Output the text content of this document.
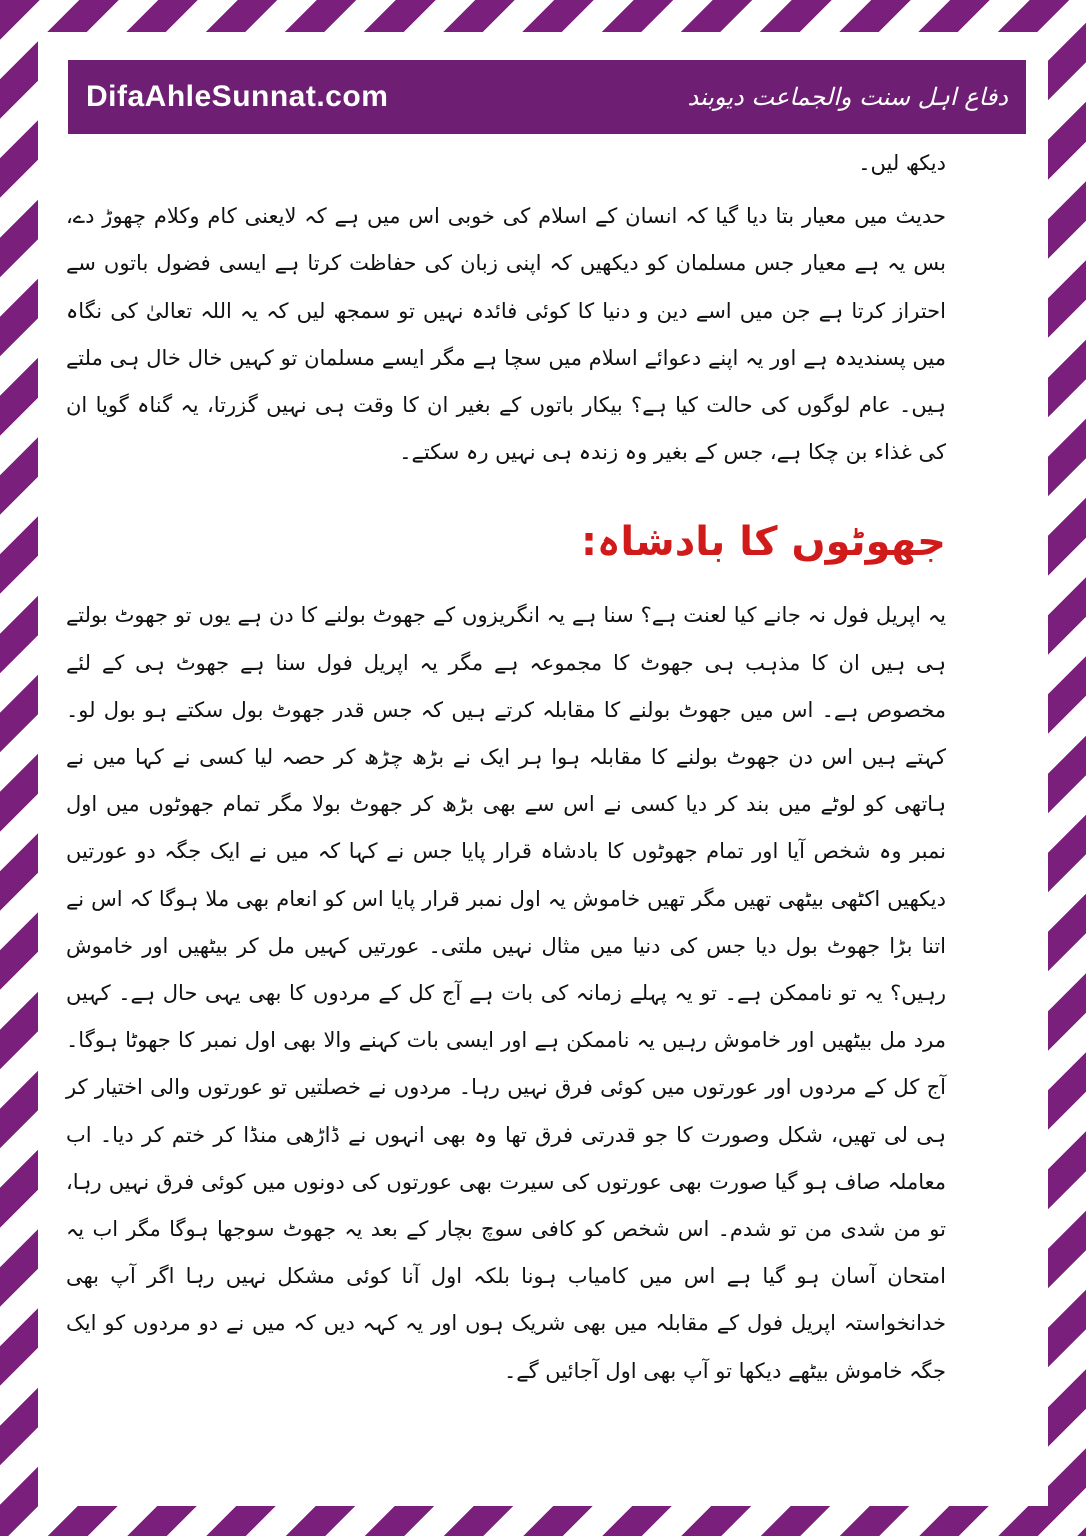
DifaAhleSunnat.com	دفاع اہل سنت والجماعت دیوبند

دیکھ لیں۔

حدیث میں معیار بتا دیا گیا کہ انسان کے اسلام کی خوبی اس میں ہے کہ لایعنی کام وکلام چھوڑ دے، بس یہ ہے معیار جس مسلمان کو دیکھیں کہ اپنی زبان کی حفاظت کرتا ہے ایسی فضول باتوں سے احتراز کرتا ہے جن میں اسے دین و دنیا کا کوئی فائدہ نہیں تو سمجھ لیں کہ یہ اللہ تعالیٰ کی نگاہ میں پسندیدہ ہے اور یہ اپنے دعوائے اسلام میں سچا ہے مگر ایسے مسلمان تو کہیں خال خال ہی ملتے ہیں۔ عام لوگوں کی حالت کیا ہے؟ بیکار باتوں کے بغیر ان کا وقت ہی نہیں گزرتا، یہ گناہ گویا ان کی غذاء بن چکا ہے، جس کے بغیر وہ زندہ ہی نہیں رہ سکتے۔

جھوٹوں کا بادشاہ:

یہ اپریل فول نہ جانے کیا لعنت ہے؟ سنا ہے یہ انگریزوں کے جھوٹ بولنے کا دن ہے یوں تو جھوٹ بولتے ہی ہیں ان کا مذہب ہی جھوٹ کا مجموعہ ہے مگر یہ اپریل فول سنا ہے جھوٹ ہی کے لئے مخصوص ہے۔ اس میں جھوٹ بولنے کا مقابلہ کرتے ہیں کہ جس قدر جھوٹ بول سکتے ہو بول لو۔ کہتے ہیں اس دن جھوٹ بولنے کا مقابلہ ہوا ہر ایک نے بڑھ چڑھ کر حصہ لیا کسی نے کہا میں نے ہاتھی کو لوٹے میں بند کر دیا کسی نے اس سے بھی بڑھ کر جھوٹ بولا مگر تمام جھوٹوں میں اول نمبر وہ شخص آیا اور تمام جھوٹوں کا بادشاہ قرار پایا جس نے کہا کہ میں نے ایک جگہ دو عورتیں دیکھیں اکٹھی بیٹھی تھیں مگر تھیں خاموش یہ اول نمبر قرار پایا اس کو انعام بھی ملا ہوگا کہ اس نے اتنا بڑا جھوٹ بول دیا جس کی دنیا میں مثال نہیں ملتی۔ عورتیں کہیں مل کر بیٹھیں اور خاموش رہیں؟ یہ تو ناممکن ہے۔ تو یہ پہلے زمانہ کی بات ہے آج کل کے مردوں کا بھی یہی حال ہے۔ کہیں مرد مل بیٹھیں اور خاموش رہیں یہ ناممکن ہے اور ایسی بات کہنے والا بھی اول نمبر کا جھوٹا ہوگا۔ آج کل کے مردوں اور عورتوں میں کوئی فرق نہیں رہا۔ مردوں نے خصلتیں تو عورتوں والی اختیار کر ہی لی تھیں، شکل وصورت کا جو قدرتی فرق تھا وہ بھی انہوں نے ڈاڑھی منڈا کر ختم کر دیا۔ اب معاملہ صاف ہو گیا صورت بھی عورتوں کی سیرت بھی عورتوں کی دونوں میں کوئی فرق نہیں رہا، تو من شدی من تو شدم۔ اس شخص کو کافی سوچ بچار کے بعد یہ جھوٹ سوجھا ہوگا مگر اب یہ امتحان آسان ہو گیا ہے اس میں کامیاب ہونا بلکہ اول آنا کوئی مشکل نہیں رہا اگر آپ بھی خدانخواستہ اپریل فول کے مقابلہ میں بھی شریک ہوں اور یہ کہہ دیں کہ میں نے دو مردوں کو ایک جگہ خاموش بیٹھے دیکھا تو آپ بھی اول آجائیں گے۔
